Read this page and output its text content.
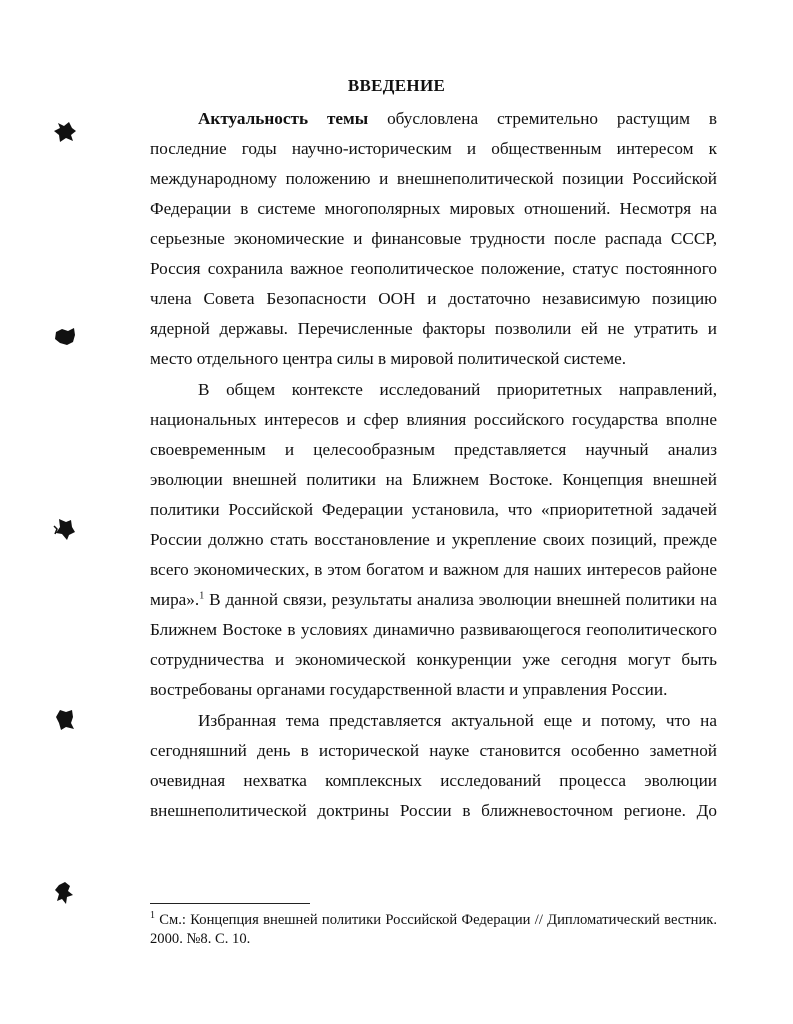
ВВЕДЕНИЕ

Актуальность темы обусловлена стремительно растущим в последние годы научно-историческим и общественным интересом к международному положению и внешнеполитической позиции Российской Федерации в системе многополярных мировых отношений. Несмотря на серьезные экономические и финансовые трудности после распада СССР, Россия сохранила важное геополитическое положение, статус постоянного члена Совета Безопасности ООН и достаточно независимую позицию ядерной державы. Перечисленные факторы позволили ей не утратить и место отдельного центра силы в мировой политической системе.

В общем контексте исследований приоритетных направлений, национальных интересов и сфер влияния российского государства вполне своевременным и целесообразным представляется научный анализ эволюции внешней политики на Ближнем Востоке. Концепция внешней политики Российской Федерации установила, что «приоритетной задачей России должно стать восстановление и укрепление своих позиций, прежде всего экономических, в этом богатом и важном для наших интересов районе мира».$^1$ В данной связи, результаты анализа эволюции внешней политики на Ближнем Востоке в условиях динамично развивающегося геополитического сотрудничества и экономической конкуренции уже сегодня могут быть востребованы органами государственной власти и управления России.

Избранная тема представляется актуальной еще и потому, что на сегодняшний день в исторической науке становится особенно заметной очевидная нехватка комплексных исследований процесса эволюции внешнеполитической доктрины России в ближневосточном регионе. До

$^1$ См.: Концепция внешней политики Российской Федерации // Дипломатический вестник. 2000. №8. С. 10.
